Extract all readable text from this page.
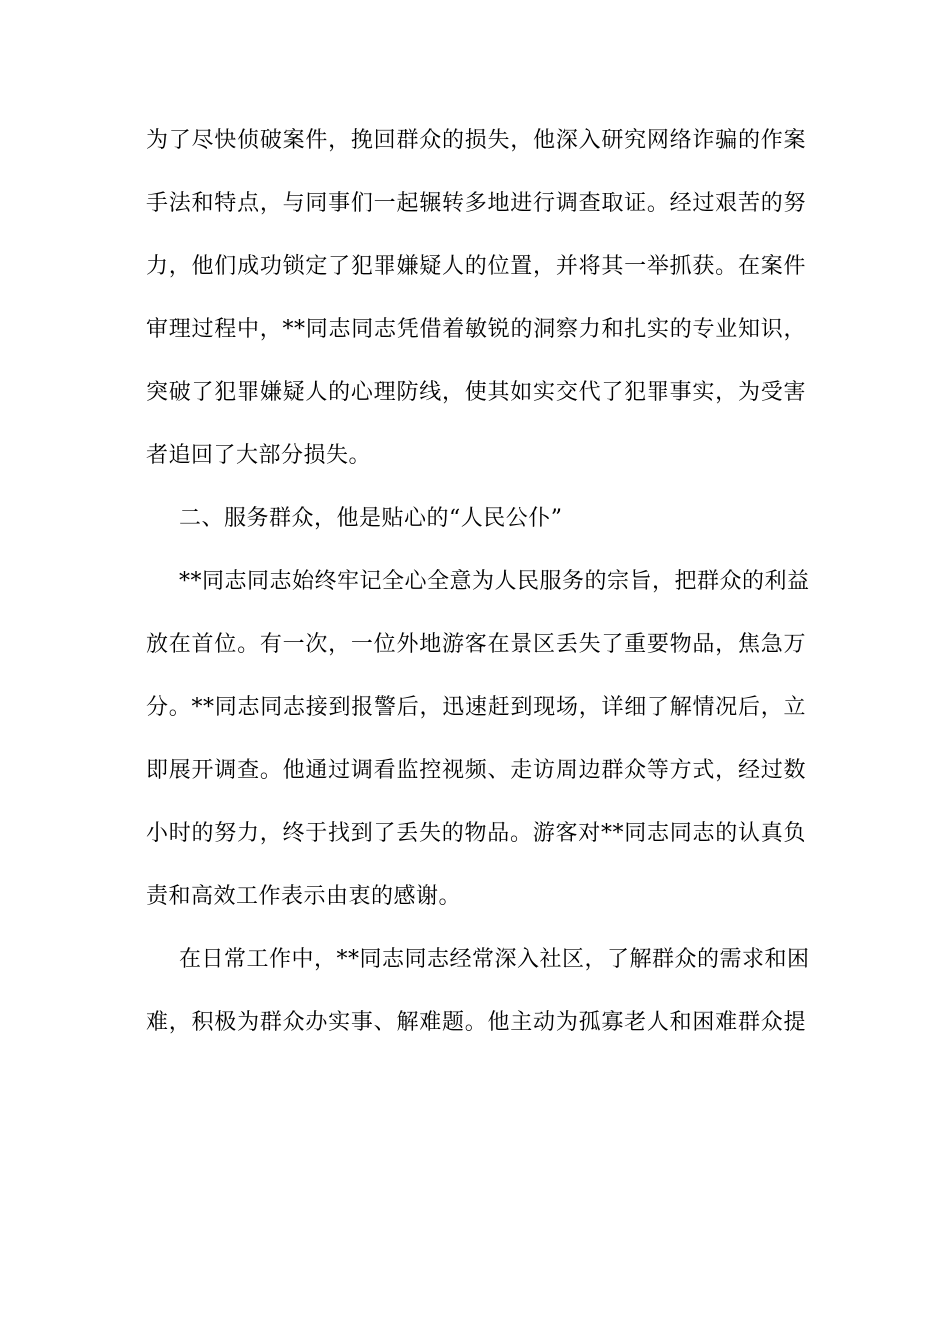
为了尽快侦破案件，挽回群众的损失，他深入研究网络诈骗的作案
手法和特点，与同事们一起辗转多地进行调查取证。经过艰苦的努
力，他们成功锁定了犯罪嫌疑人的位置，并将其一举抓获。在案件
审理过程中，**同志同志凭借着敏锐的洞察力和扎实的专业知识，
突破了犯罪嫌疑人的心理防线，使其如实交代了犯罪事实，为受害
者追回了大部分损失。
二、服务群众，他是贴心的“人民公仆”
**同志同志始终牢记全心全意为人民服务的宗旨，把群众的利益
放在首位。有一次，一位外地游客在景区丢失了重要物品，焦急万
分。**同志同志接到报警后，迅速赶到现场，详细了解情况后，立
即展开调查。他通过调看监控视频、走访周边群众等方式，经过数
小时的努力，终于找到了丢失的物品。游客对**同志同志的认真负
责和高效工作表示由衷的感谢。
在日常工作中，**同志同志经常深入社区，了解群众的需求和困
难，积极为群众办实事、解难题。他主动为孤寡老人和困难群众提
